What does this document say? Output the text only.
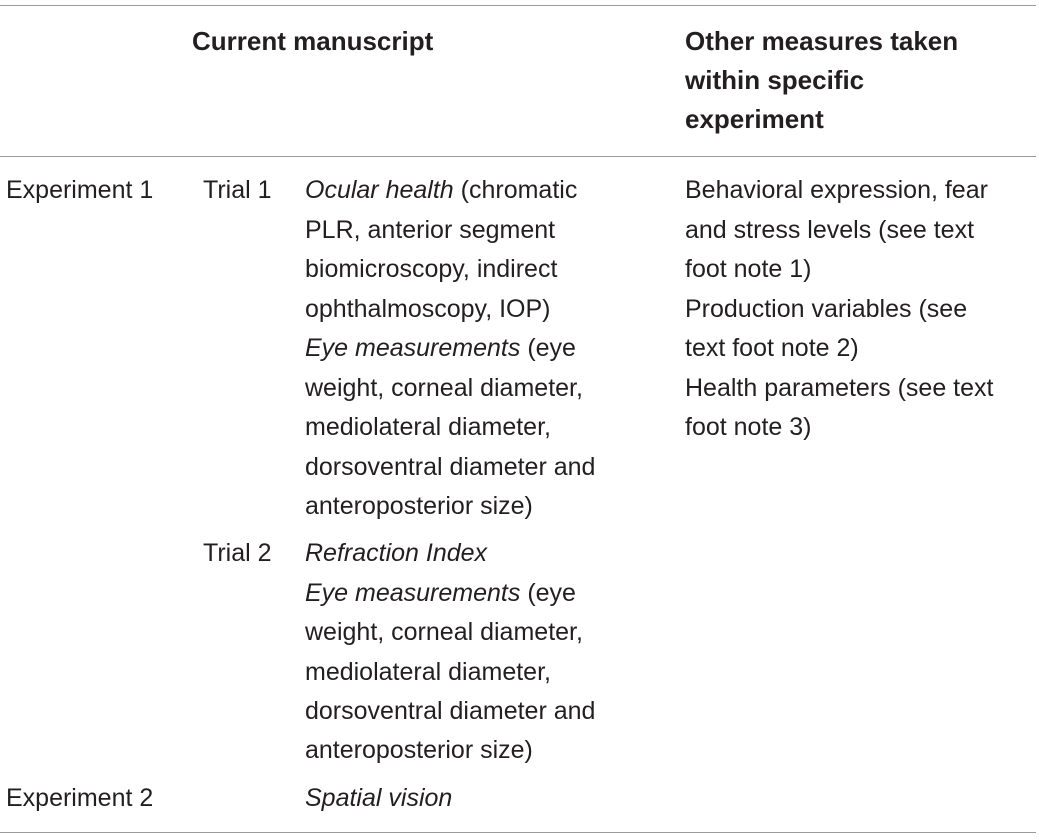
Current manuscript	Other measures taken
within specific
experiment
Experiment 1 Trial 1 Ocular health (chromatic
PLR, anterior segment
biomicroscopy, indirect
ophthalmoscopy, IOP)
Eye measurements (eye
weight, corneal diameter,
mediolateral diameter,
dorsoventral diameter and
anteroposterior size)
Behavioral expression, fear
and stress levels (see text
foot note 1)
Production variables (see
text foot note 2)
Health parameters (see text
foot note 3)
Trial 2 Refraction Index
Eye measurements (eye
weight, corneal diameter,
mediolateral diameter,
dorsoventral diameter and
anteroposterior size)
Experiment 2	Spatial vision
